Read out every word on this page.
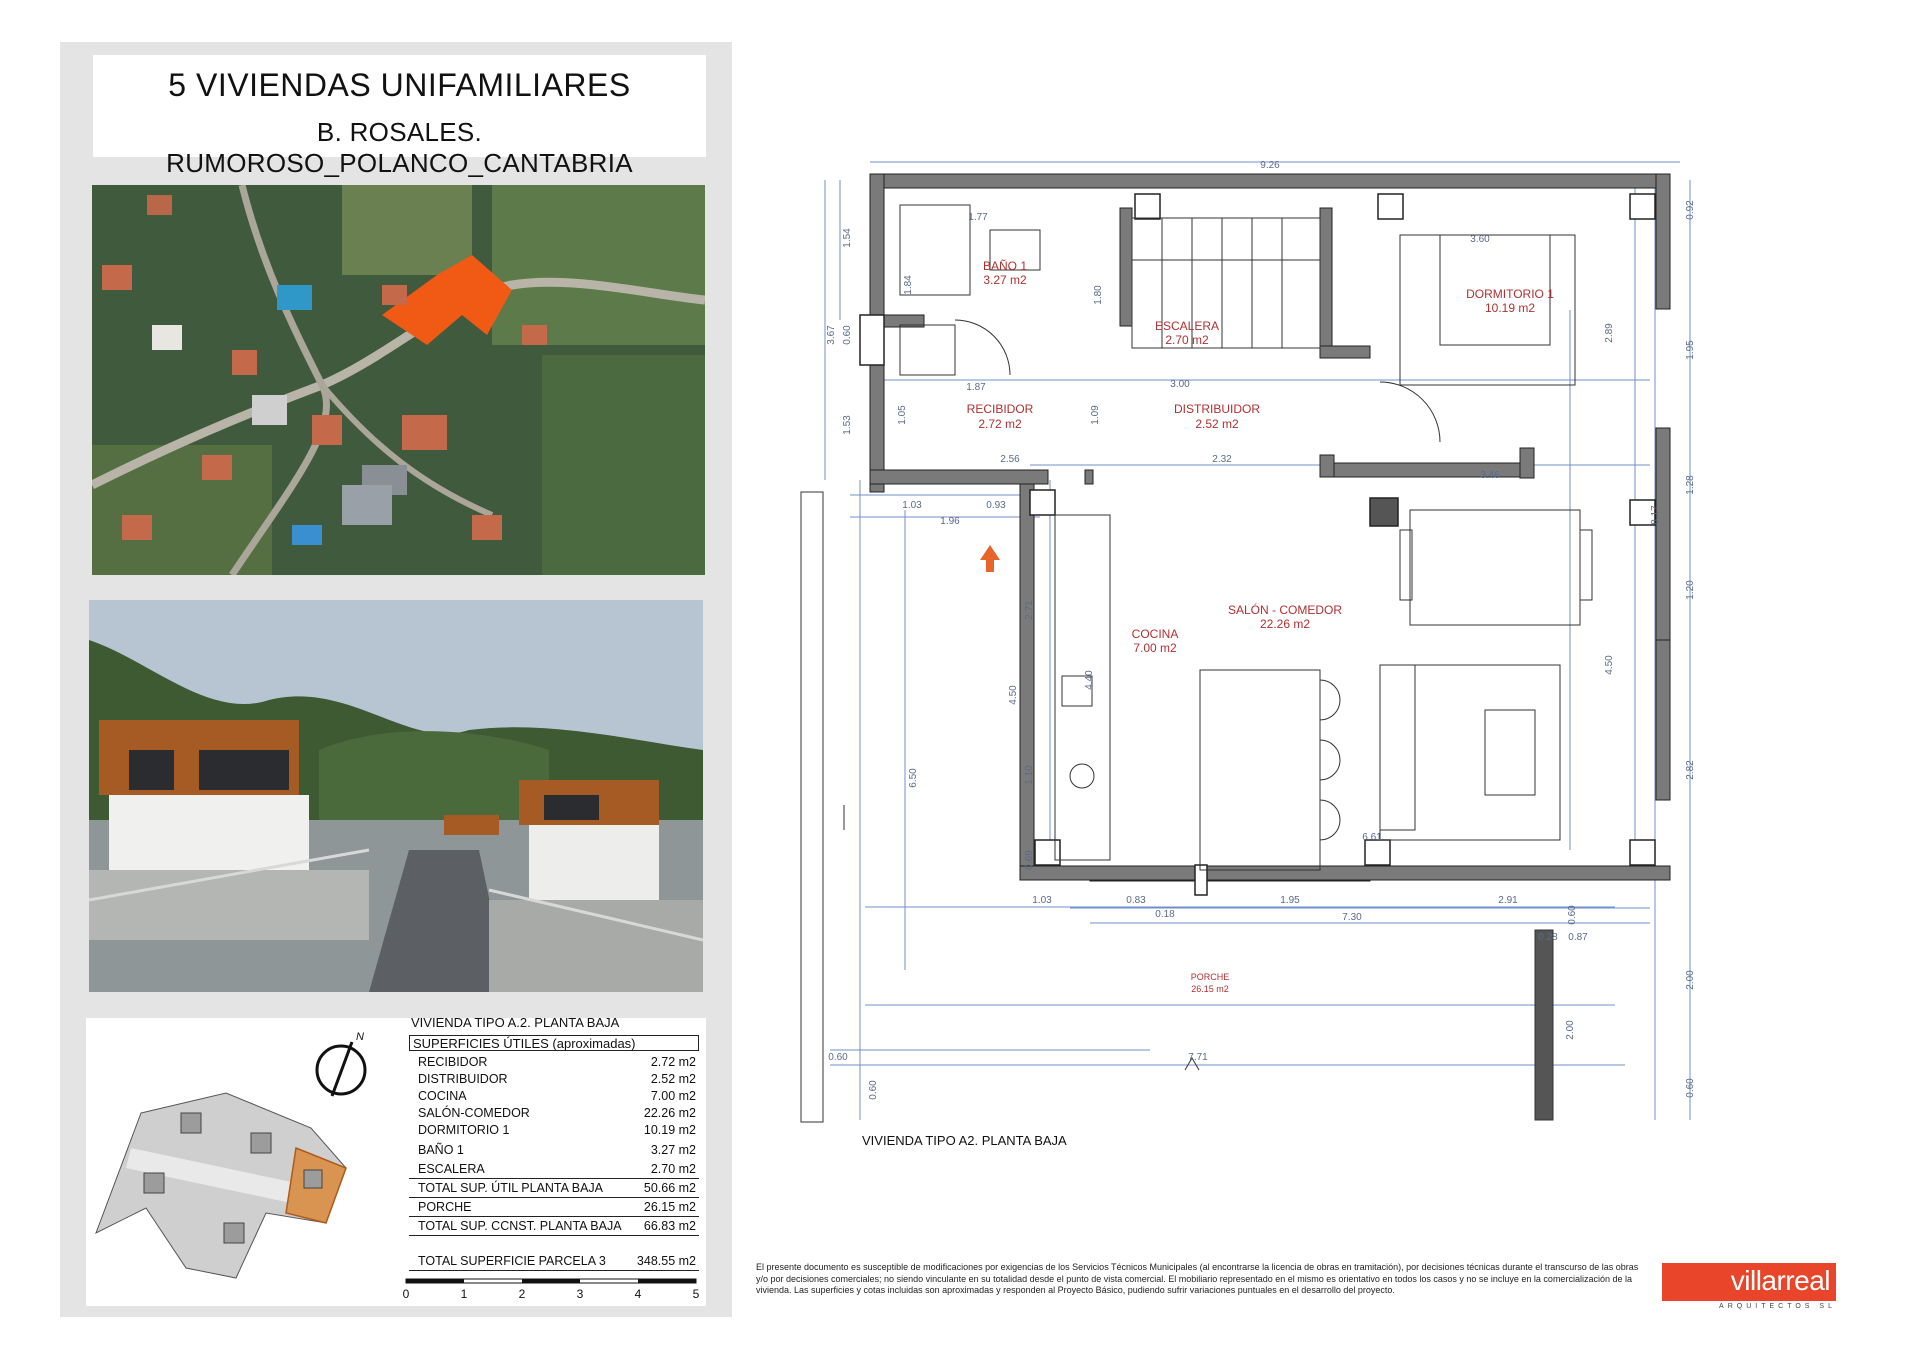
5 VIVIENDAS UNIFAMILIARES
B. ROSALES. RUMOROSO_POLANCO_CANTABRIA
N
VIVIENDA TIPO A.2. PLANTA BAJA
SUPERFICIES ÚTILES (aproximadas)
RECIBIDOR	2.72 m2
DISTRIBUIDOR	2.52 m2
COCINA	7.00 m2
SALÓN-COMEDOR	22.26 m2
DORMITORIO 1	10.19 m2
BAÑO 1	3.27 m2
ESCALERA	2.70 m2
TOTAL SUP. ÚTIL PLANTA BAJA	50.66 m2
PORCHE	26.15 m2
TOTAL SUP. CCNST. PLANTA BAJA 66.83 m2
TOTAL SUPERFICIE PARCELA 3 348.55 m2
0	1	2	3	4	5
BAÑO 1
3.27 m2
ESCALERA
2.70 m2
DORMITORIO 1
10.19 m2
RECIBIDOR
2.72 m2
DISTRIBUIDOR
2.52 m2
SALÓN - COMEDOR
22.26 m2
COCINA
7.00 m2
PORCHE
26.15 m2
9.26
1.77
3.60
3.00
1.87
2.56	2.32
3.46
1.03	0.93
1.96
6.61
1.03	0.83
0.18
1.95	2.91
7.30
0.28 0.87
0.60	7.71
1.54
0.60
3.67
1.53
1.84
1.80
1.05	1.09
2.89
0.92
1.95
1.28
8.17
1.20
4.50
2.82
2.71
4.50
4.40
6.50	1.10
0.69
0.60
2.00
2.00
0.60
0.60
VIVIENDA TIPO A2. PLANTA BAJA
El presente documento es susceptible de modificaciones por exigencias de los Servicios Técnicos Municipales (al encontrarse la licencia de obras en tramitación), por decisiones técnicas durante el transcurso de las obras y/o por decisiones comerciales; no siendo vinculante en su totalidad desde el punto de vista comercial. El mobiliario representado en el mismo es orientativo en todos los casos y no se incluye en la comercialización de la vivienda. Las superficies y cotas incluidas son aproximadas y responden al Proyecto Básico, pudiendo sufrir variaciones puntuales en el desarrollo del proyecto.	villarreal
ARQUITECTOS SL
